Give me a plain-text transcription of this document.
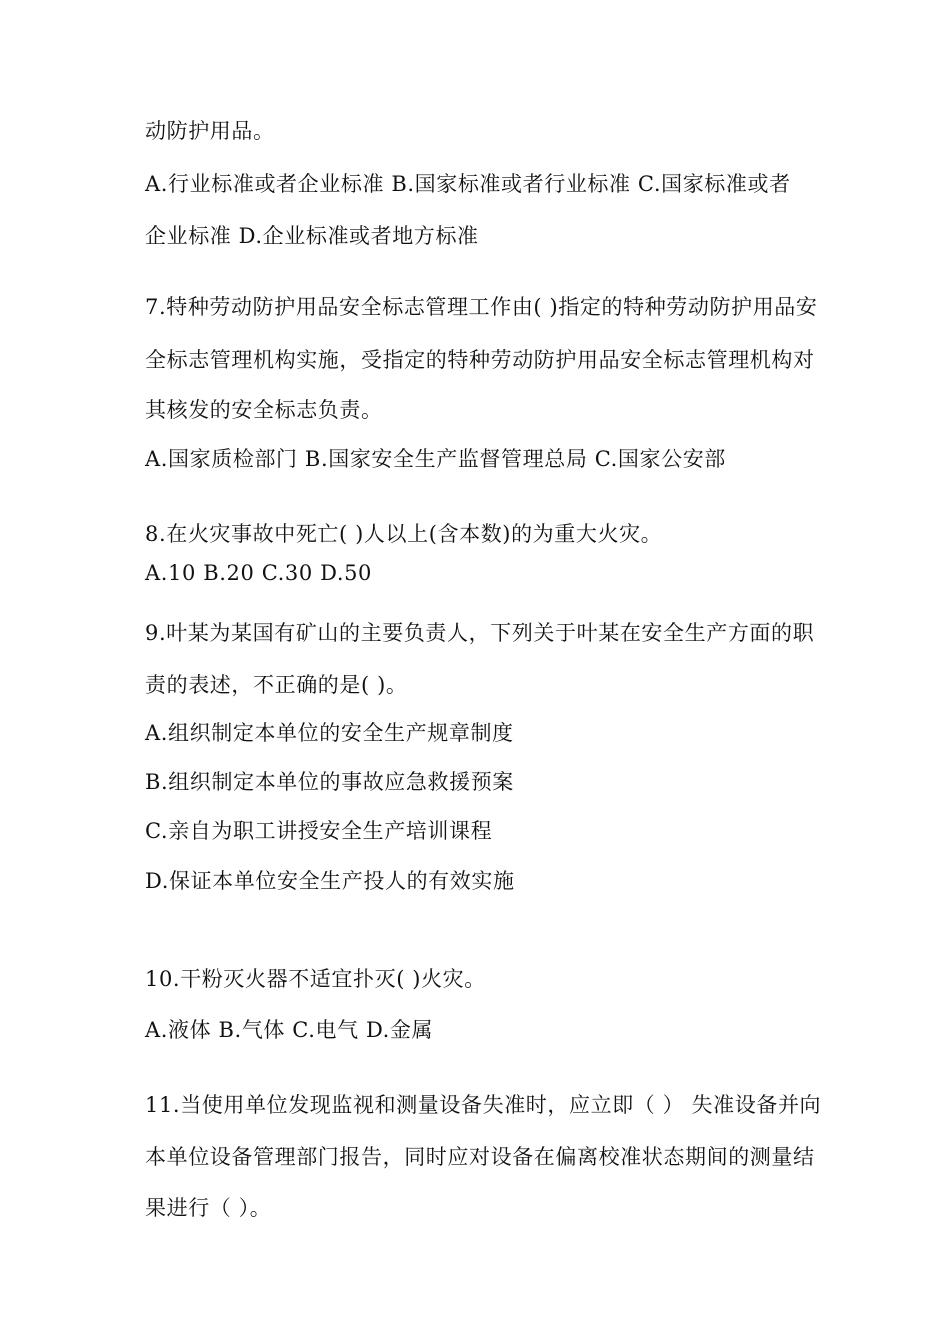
动防护用品。
A.行业标准或者企业标准 B.国家标准或者行业标准 C.国家标准或者
企业标准 D.企业标准或者地方标准
7.特种劳动防护用品安全标志管理工作由( )指定的特种劳动防护用品安
全标志管理机构实施，受指定的特种劳动防护用品安全标志管理机构对
其核发的安全标志负责。
A.国家质检部门 B.国家安全生产监督管理总局 C.国家公安部
8.在火灾事故中死亡( )人以上(含本数)的为重大火灾。
A.10 B.20 C.30 D.50
9.叶某为某国有矿山的主要负责人，下列关于叶某在安全生产方面的职
责的表述，不正确的是( )。
A.组织制定本单位的安全生产规章制度
B.组织制定本单位的事故应急救援预案
C.亲自为职工讲授安全生产培训课程
D.保证本单位安全生产投人的有效实施
10.干粉灭火器不适宜扑灭( )火灾。
A.液体 B.气体 C.电气 D.金属
11.当使用单位发现监视和测量设备失准时，应立即（ ） 失准设备并向
本单位设备管理部门报告，同时应对设备在偏离校准状态期间的测量结
果进行（ ）。
